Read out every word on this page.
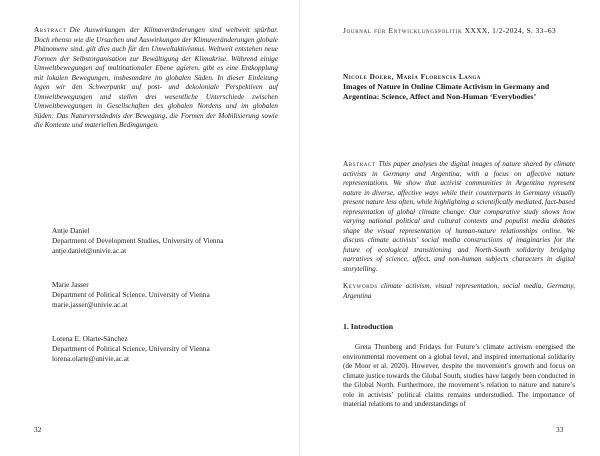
Abstract Die Auswirkungen der Klimaveränderungen sind weltweit spürbar. Doch ebenso wie die Ursachen und Auswirkungen der Klimaveränderungen globale Phänomene sind, gilt dies auch für den Umweltaktivismus. Weltweit entstehen neue Formen der Selbstorganisation zur Bewältigung der Klimakrise. Während einige Umweltbewegungen auf multinationaler Ebene agieren, gibt es eine Entkopplung mit lokalen Bewegungen, insbesondere im globalen Süden. In dieser Einleitung legen wir den Schwerpunkt auf post- und dekoloniale Perspektiven auf Umweltbewegungen und stellen drei wesentliche Unterschiede zwischen Umweltbewegungen in Gesellschaften des globalen Nordens und im globalen Süden: Das Naturverständnis der Bewegung, die Formen der Mobilisierung sowie die Kontexte und materiellen Bedingungen.
Antje Daniel
Department of Development Studies, University of Vienna
antje.daniel@univie.ac.at
Marie Jasser
Department of Political Science, University of Vienna
marie.jasser@univie.ac.at
Lorena E. Olarte-Sánchez
Department of Political Science, University of Vienna
lorena.olarte@univie.ac.at
32
Journal für Entwicklungspolitik XXXX, 1/2-2024, S. 33–63
Nicole Doerr, María Florencia Langa
Images of Nature in Online Climate Activism in Germany and Argentina: Science, Affect and Non-Human ‘Everybodies’
Abstract This paper analyses the digital images of nature shared by climate activists in Germany and Argentina, with a focus on affective nature representations. We show that activist communities in Argentina represent nature in diverse, affective ways while their counterparts in Germany visually present nature less often, while highlighting a scientifically mediated, fact-based representation of global climate change. Our comparative study shows how varying national political and cultural contexts and populist media debates shape the visual representation of human-nature relationships online. We discuss climate activists’ social media constructions of imaginaries for the future of ecological transitioning and North-South solidarity bridging narratives of science, affect, and non-human subjects characters in digital storytelling.
Keywords climate activism, visual representation, social media, Germany, Argentina
1. Introduction

Greta Thunberg and Fridays for Future’s climate activism energised the environmental movement on a global level, and inspired international solidarity (de Moor et al. 2020). However, despite the movement’s growth and focus on climate justice towards the Global South, studies have largely been conducted in the Global North. Furthermore, the movement’s relation to nature and nature’s role in activists’ political claims remains understudied. The importance of material relations to and understandings of

33
